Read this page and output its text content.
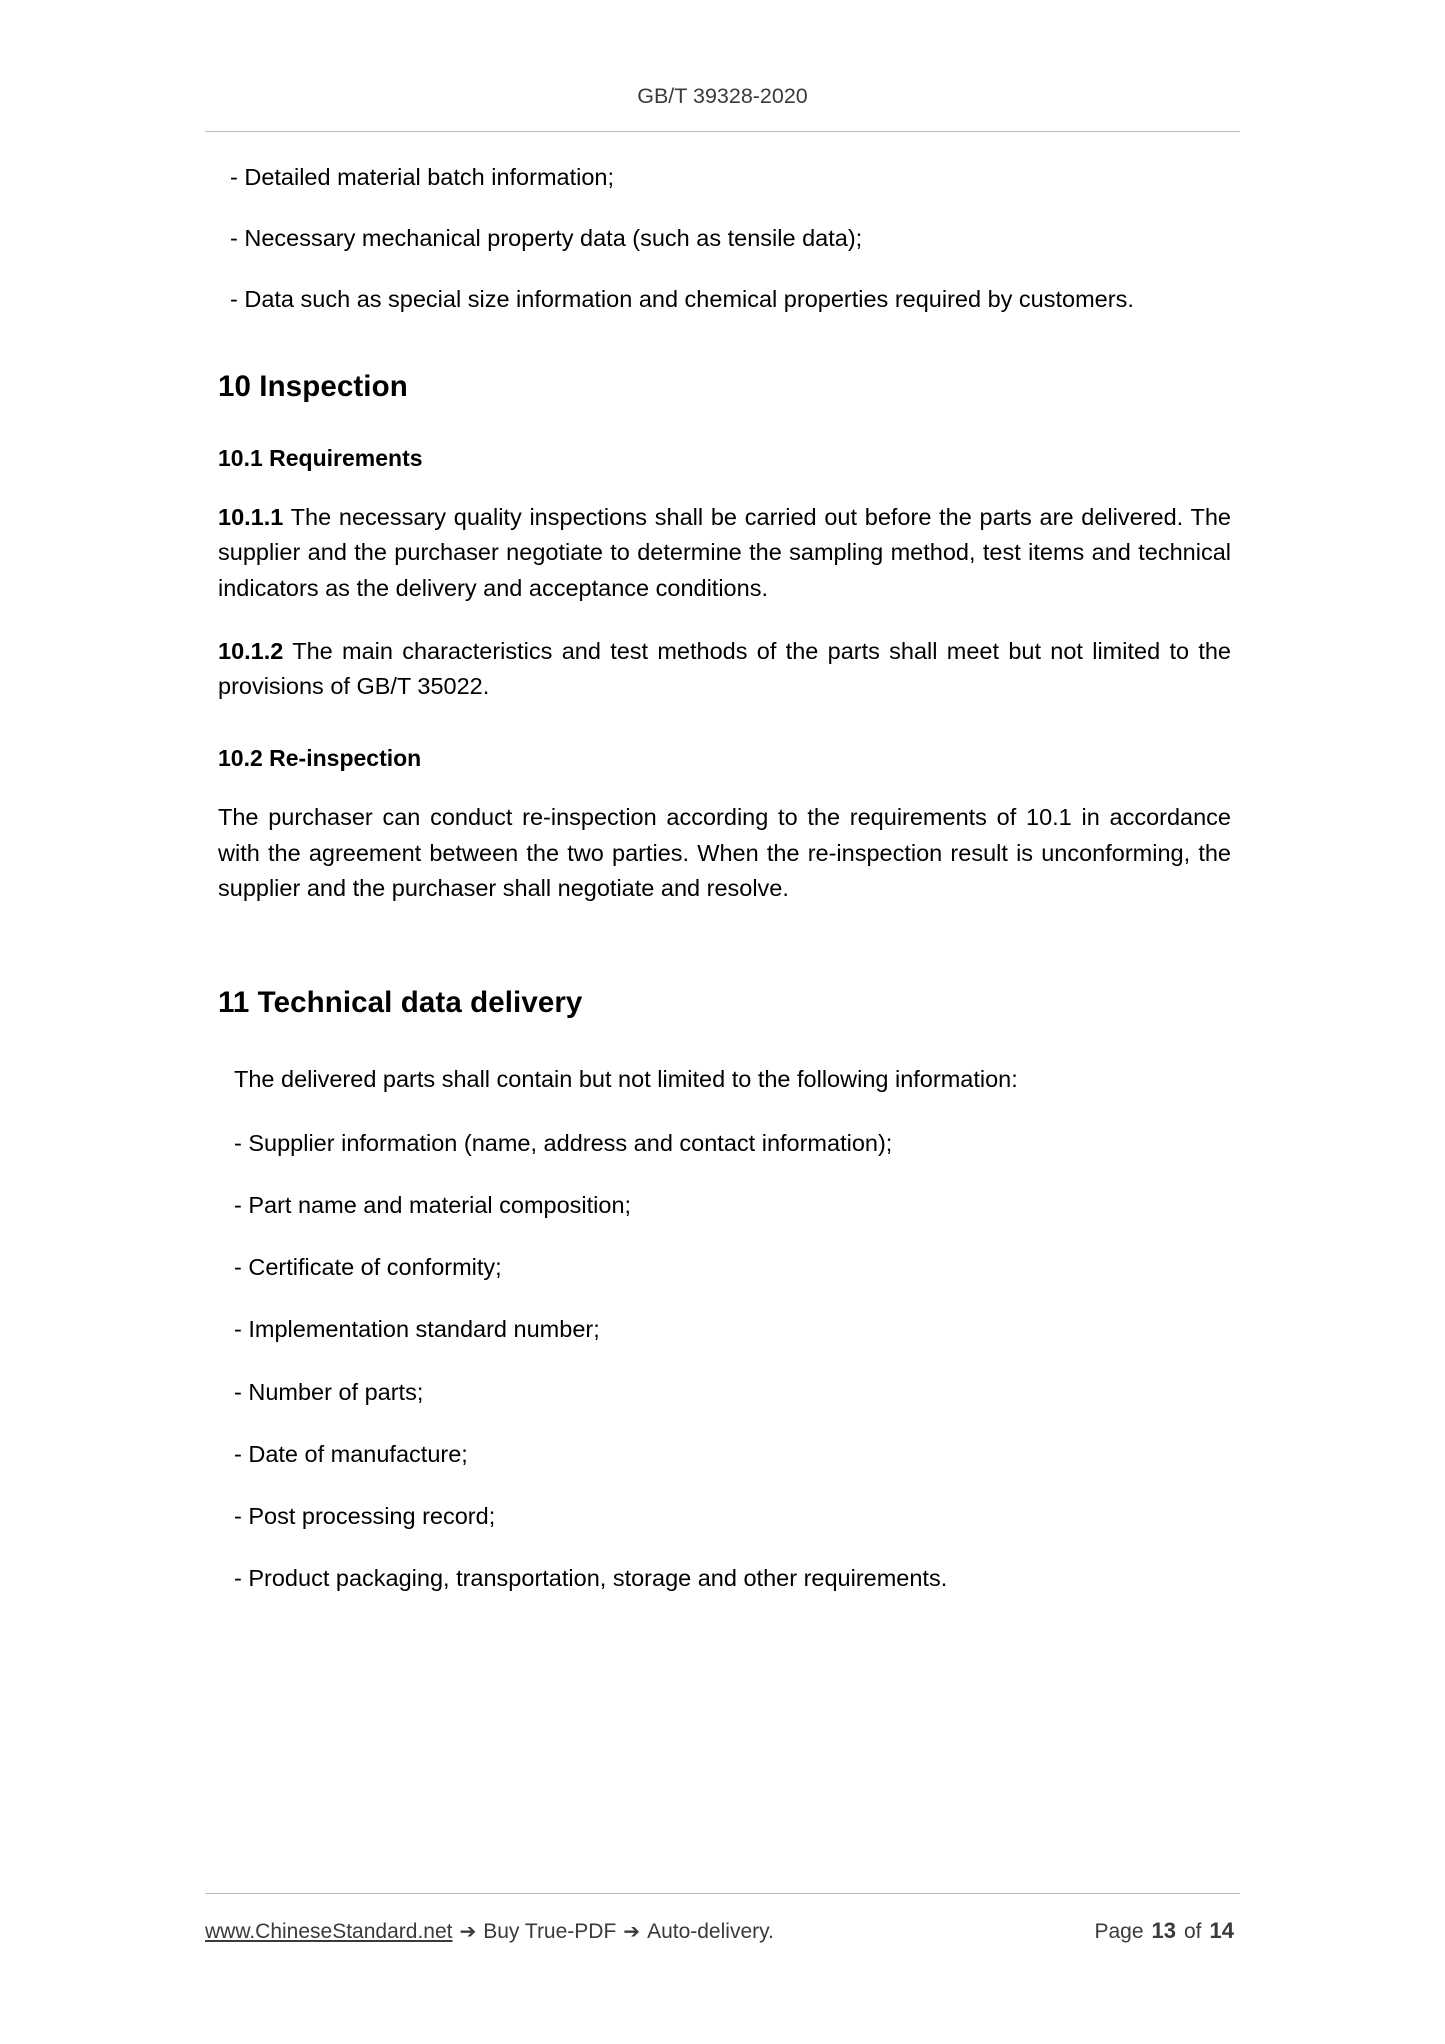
GB/T 39328-2020

- Detailed material batch information;

- Necessary mechanical property data (such as tensile data);

- Data such as special size information and chemical properties required by customers.

10 Inspection
10.1 Requirements

10.1.1 The necessary quality inspections shall be carried out before the parts are delivered. The supplier and the purchaser negotiate to determine the sampling method, test items and technical indicators as the delivery and acceptance conditions.

10.1.2 The main characteristics and test methods of the parts shall meet but not limited to the provisions of GB/T 35022.

10.2 Re-inspection

The purchaser can conduct re-inspection according to the requirements of 10.1 in accordance with the agreement between the two parties. When the re-inspection result is unconforming, the supplier and the purchaser shall negotiate and resolve.

11 Technical data delivery

The delivered parts shall contain but not limited to the following information:

- Supplier information (name, address and contact information);

- Part name and material composition;

- Certificate of conformity;

- Implementation standard number;

- Number of parts;

- Date of manufacture;

- Post processing record;

- Product packaging, transportation, storage and other requirements.

www.ChineseStandard.net ➔ Buy True-PDF ➔ Auto-delivery.	Page 13 of 14
